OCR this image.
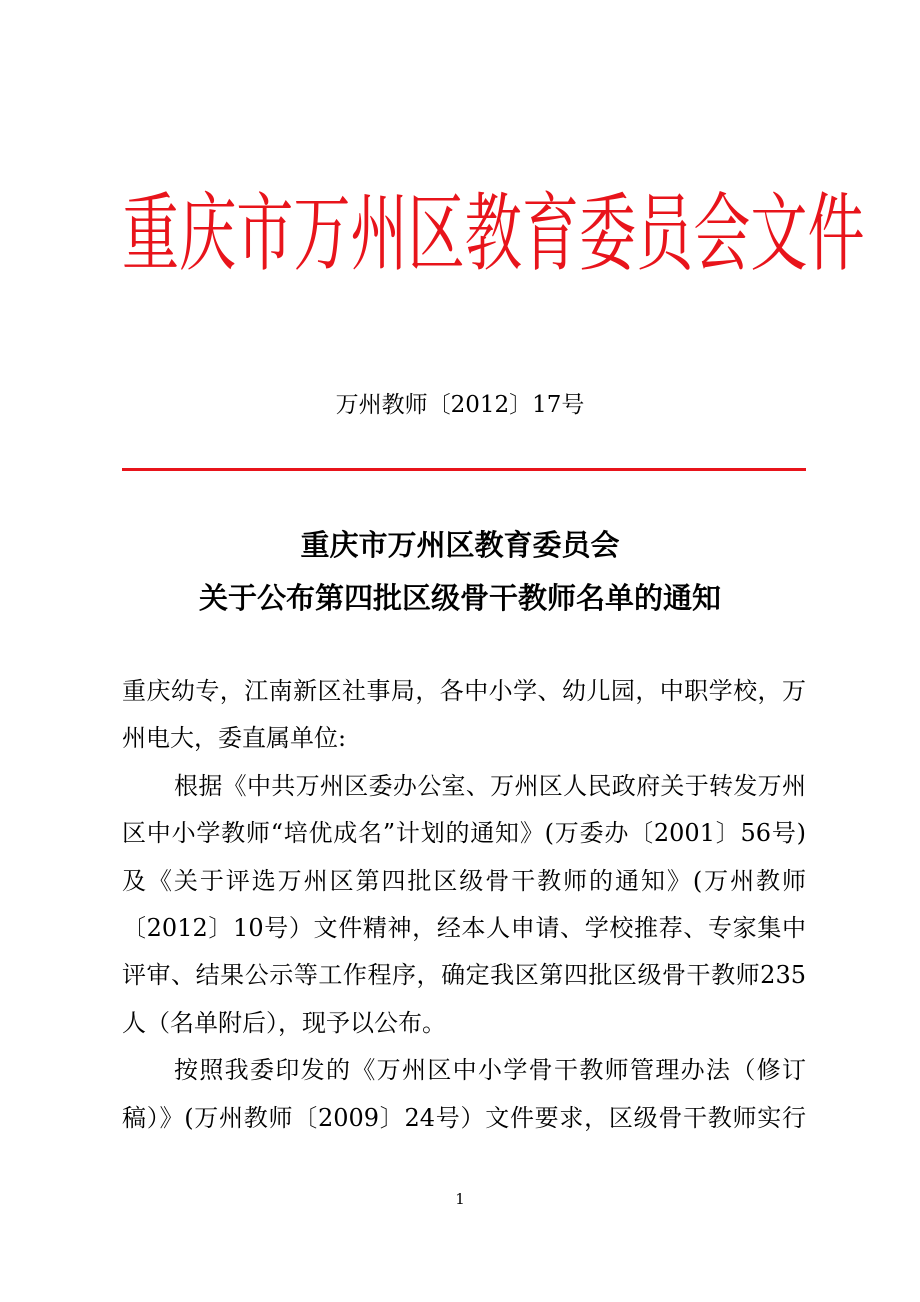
重庆市万州区教育委员会文件
万州教师〔2012〕17号
重庆市万州区教育委员会
关于公布第四批区级骨干教师名单的通知
重庆幼专，江南新区社事局，各中小学、幼儿园，中职学校，万
州电大，委直属单位:
根据《中共万州区委办公室、万州区人民政府关于转发万州
区中小学教师“培优成名”计划的通知》(万委办〔2001〕56号)
及《关于评选万州区第四批区级骨干教师的通知》(万州教师
〔2012〕10号）文件精神，经本人申请、学校推荐、专家集中
评审、结果公示等工作程序，确定我区第四批区级骨干教师235
人（名单附后），现予以公布。
按照我委印发的《万州区中小学骨干教师管理办法（修订
稿）》(万州教师〔2009〕24号）文件要求，区级骨干教师实行
1
